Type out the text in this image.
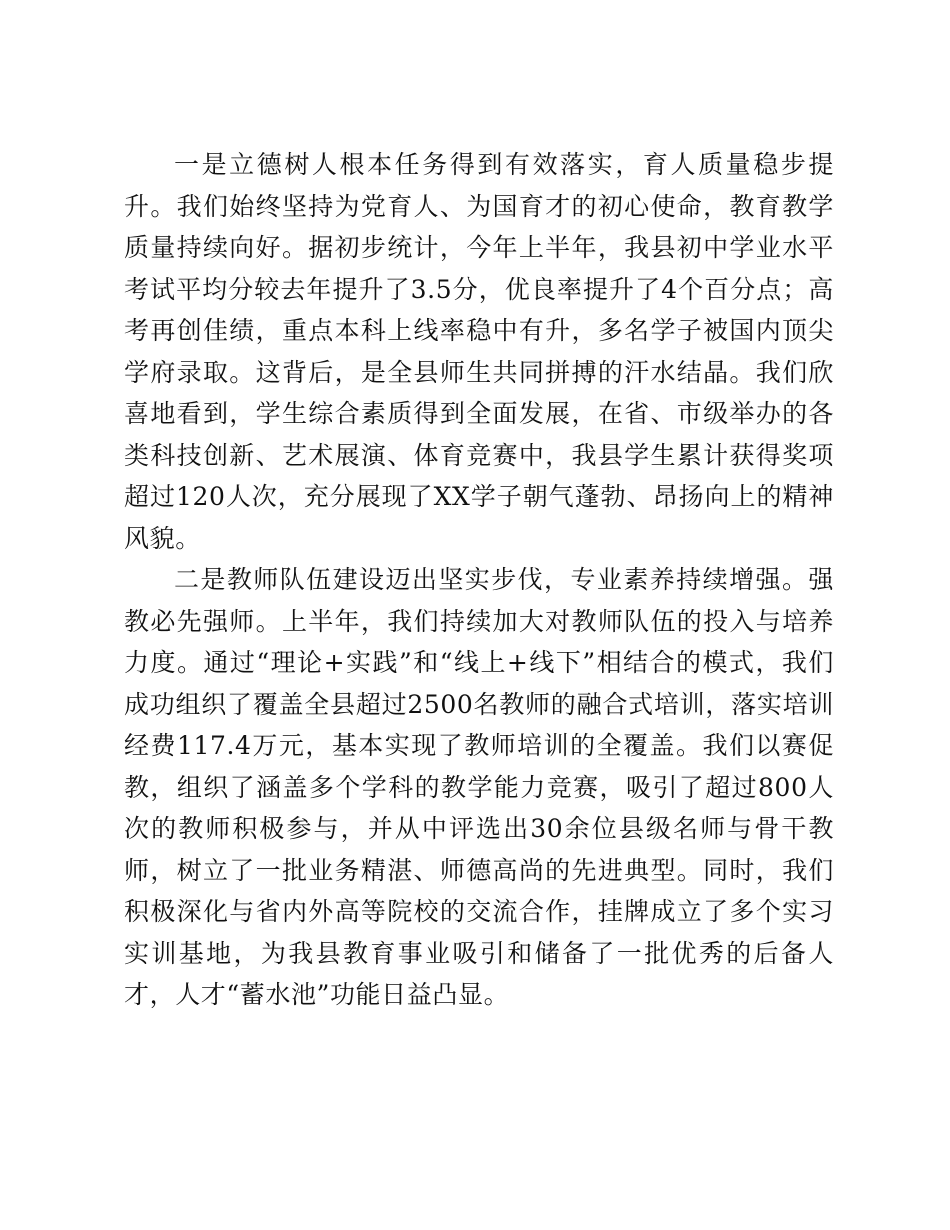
一是立德树人根本任务得到有效落实，育人质量稳步提升。我们始终坚持为党育人、为国育才的初心使命，教育教学质量持续向好。据初步统计，今年上半年，我县初中学业水平考试平均分较去年提升了3.5分，优良率提升了4个百分点；高考再创佳绩，重点本科上线率稳中有升，多名学子被国内顶尖学府录取。这背后，是全县师生共同拼搏的汗水结晶。我们欣喜地看到，学生综合素质得到全面发展，在省、市级举办的各类科技创新、艺术展演、体育竞赛中，我县学生累计获得奖项超过120人次，充分展现了XX学子朝气蓬勃、昂扬向上的精神风貌。

二是教师队伍建设迈出坚实步伐，专业素养持续增强。强教必先强师。上半年，我们持续加大对教师队伍的投入与培养力度。通过“理论+实践”和“线上+线下”相结合的模式，我们成功组织了覆盖全县超过2500名教师的融合式培训，落实培训经费117.4万元，基本实现了教师培训的全覆盖。我们以赛促教，组织了涵盖多个学科的教学能力竞赛，吸引了超过800人次的教师积极参与，并从中评选出30余位县级名师与骨干教师，树立了一批业务精湛、师德高尚的先进典型。同时，我们积极深化与省内外高等院校的交流合作，挂牌成立了多个实习实训基地，为我县教育事业吸引和储备了一批优秀的后备人才，人才“蓄水池”功能日益凸显。
